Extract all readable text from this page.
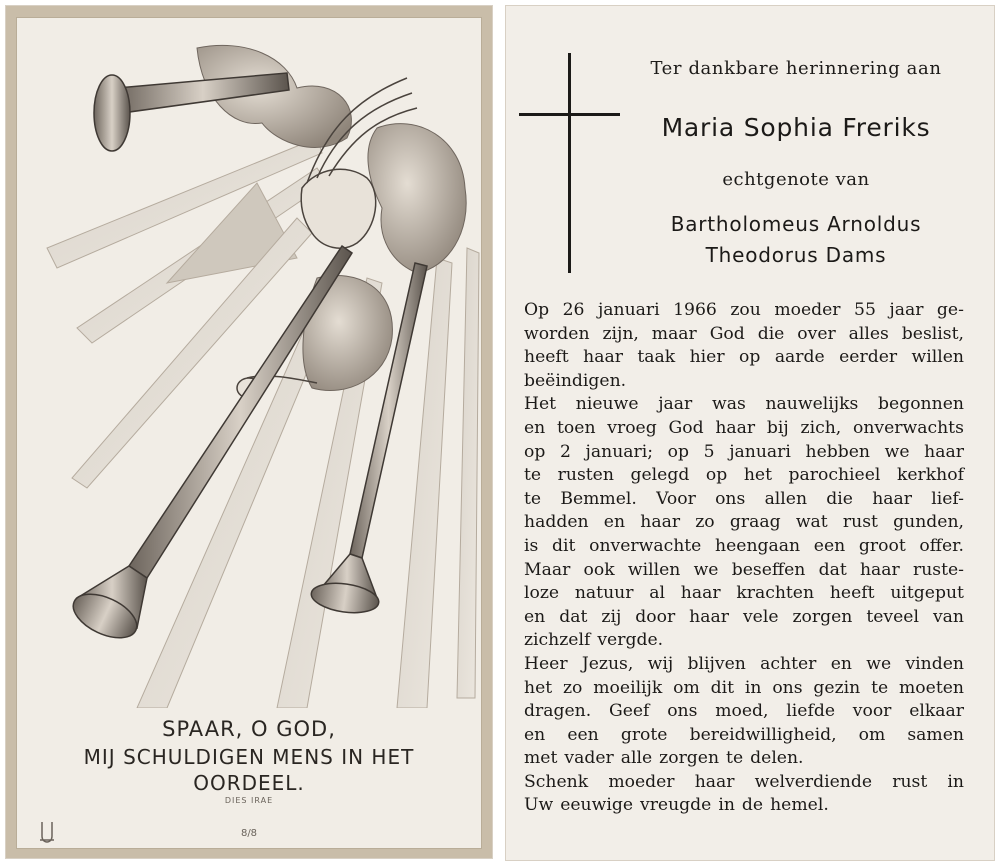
SPAAR, O GOD,
MIJ SCHULDIGEN MENS IN HET
OORDEEL.
DIES IRAE
8/8
Ter dankbare herinnering aan
Maria Sophia Freriks
echtgenote van
Bartholomeus Arnoldus
Theodorus Dams
Op 26 januari 1966 zou moeder 55 jaar ge-
worden zijn, maar God die over alles beslist,
heeft haar taak hier op aarde eerder willen
beëindigen.
Het nieuwe jaar was nauwelijks begonnen
en toen vroeg God haar bij zich, onverwachts
op 2 januari; op 5 januari hebben we haar
te rusten gelegd op het parochieel kerkhof
te Bemmel. Voor ons allen die haar lief-
hadden en haar zo graag wat rust gunden,
is dit onverwachte heengaan een groot offer.
Maar ook willen we beseffen dat haar ruste-
loze natuur al haar krachten heeft uitgeput
en dat zij door haar vele zorgen teveel van
zichzelf vergde.
Heer Jezus, wij blijven achter en we vinden
het zo moeilijk om dit in ons gezin te moeten
dragen. Geef ons moed, liefde voor elkaar
en een grote bereidwilligheid, om samen
met vader alle zorgen te delen.
Schenk moeder haar welverdiende rust in
Uw eeuwige vreugde in de hemel.
